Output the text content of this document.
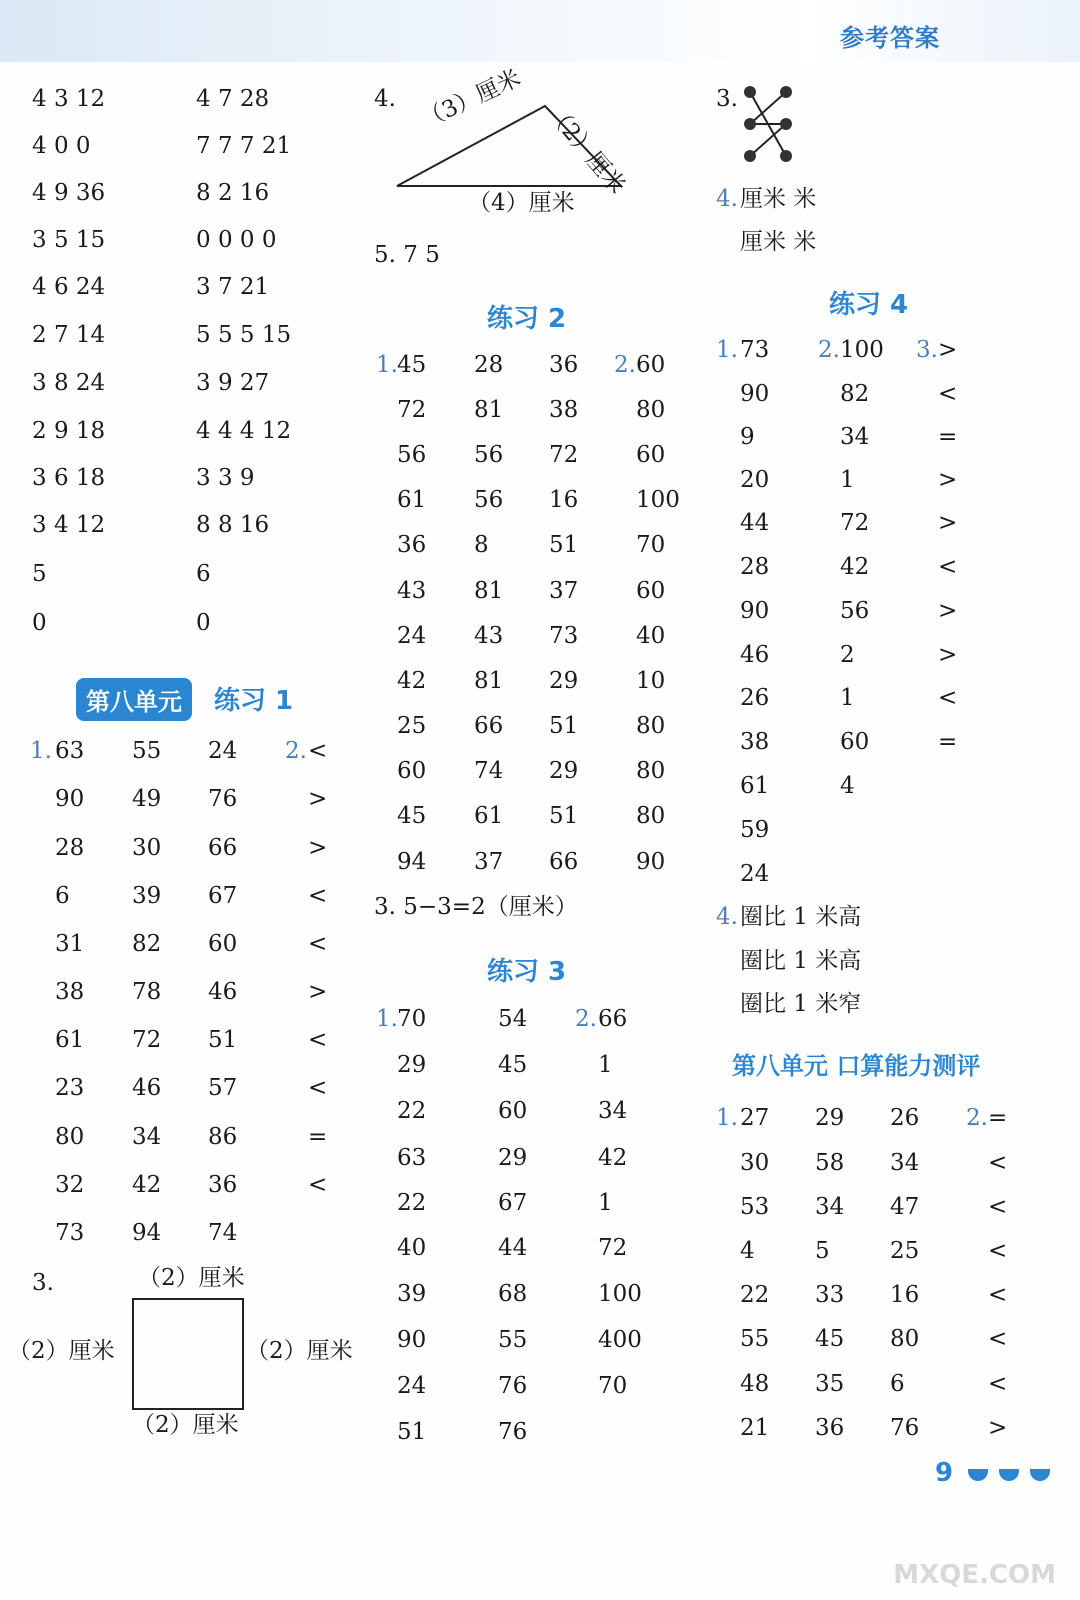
参考答案
4 3 12	4 7 28
4 0 0	7 7 7 21
4 9 36	8 2 16
3 5 15	0 0 0 0
4 6 24	3 7 21
2 7 14	5 5 5 15
3 8 24	3 9 27
2 9 18	4 4 4 12
3 6 18	3 3 9
3 4 12	8 8 16
5	6
0	0
第八单元	练习 1
1.	2.
63 55 24	<
90 49 76	>
28 30 66	>
6	39 67	<
31 82 60	<
38 78 46	>
61 72 51	<
23 46 57	<
80 34 86	=
32 42 36	<
73 94 74
3.	（2）厘米
（2）厘米	（2）厘米
（2）厘米
4. （3）厘米
（2）厘米
（4）厘米
5. 7 5
练习 2
1.	2.
45 28 36	60
72 81 38	80
56 56 72	60
61 56 16	100
36 8	51	70
43 81 37	60
24 43 73	40
42 81 29	10
25 66 51	80
60 74 29	80
45 61 51	80
94 37 66	90
3. 5−3=2（厘米）
练习 3
1.	2.
70	54	66
29	45	1
22	60	34
63	29	42
22	67	1
40	44	72
39	68	100
90	55	400
24	76	70
51	76
3.
4. 厘米 米
厘米 米
练习 4
1.	2.	3.
73	100 >
90	82	<
9	34	=
20	1	>
44	72	>
28	42	<
90	56	>
46	2	>
26	1	<
38	60	=
61	4
59
24
4. 圈比 1 米高
圈比 1 米高
圈比 1 米窄
第八单元 口算能力测评
1.	2.
27 29 26	=
30 58 34	<
53 34 47	<
4	5	25	<
22 33 16	<
55 45 80	<
48 35 6	<
21 36 76	>
9

MXQE.COM
